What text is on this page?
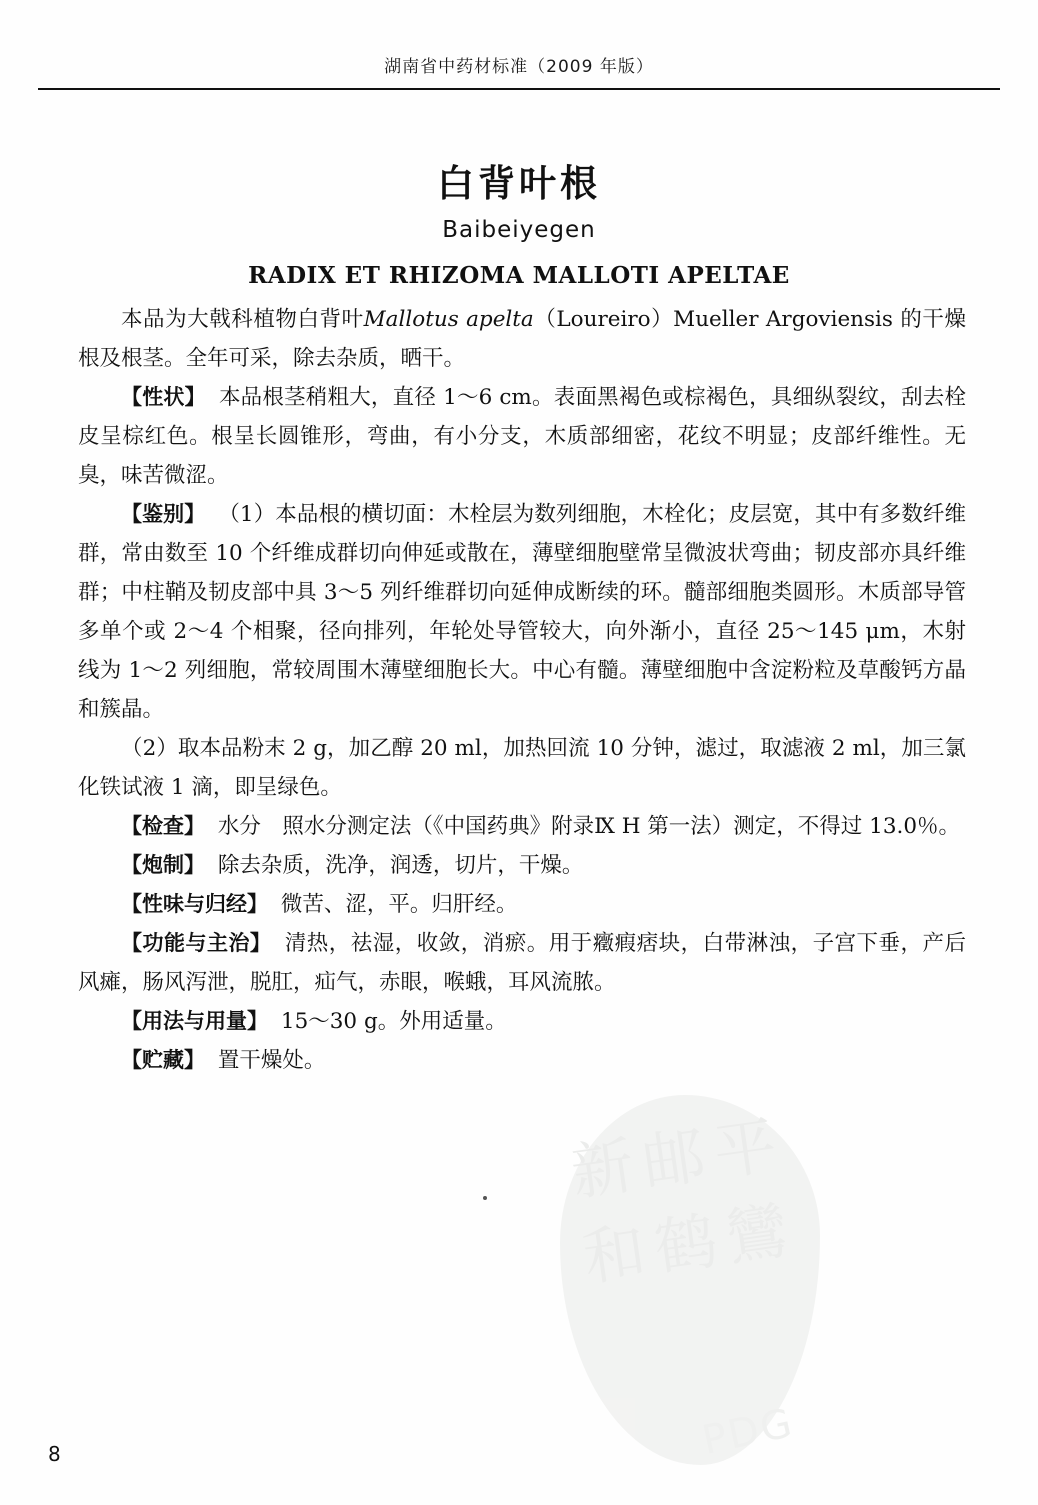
湖南省中药材标准（2009 年版）
白背叶根
Baibeiyegen
RADIX ET RHIZOMA MALLOTI APELTAE

本品为大戟科植物白背叶Mallotus apelta（Loureiro）Mueller Argoviensis 的干燥根及根茎。全年可采，除去杂质，晒干。

【性状】 本品根茎稍粗大，直径 1～6 cm。表面黑褐色或棕褐色，具细纵裂纹，刮去栓皮呈棕红色。根呈长圆锥形，弯曲，有小分支，木质部细密，花纹不明显；皮部纤维性。无臭，味苦微涩。

【鉴别】 （1）本品根的横切面：木栓层为数列细胞，木栓化；皮层宽，其中有多数纤维群，常由数至 10 个纤维成群切向伸延或散在，薄壁细胞壁常呈微波状弯曲；韧皮部亦具纤维群；中柱鞘及韧皮部中具 3～5 列纤维群切向延伸成断续的环。髓部细胞类圆形。木质部导管多单个或 2～4 个相聚，径向排列，年轮处导管较大，向外渐小，直径 25～145 μm，木射线为 1～2 列细胞，常较周围木薄壁细胞长大。中心有髓。薄壁细胞中含淀粉粒及草酸钙方晶和簇晶。

（2）取本品粉末 2 g，加乙醇 20 ml，加热回流 10 分钟，滤过，取滤液 2 ml，加三氯化铁试液 1 滴，即呈绿色。

【检查】 水分　照水分测定法（《中国药典》附录Ⅸ H 第一法）测定，不得过 13.0％。

【炮制】 除去杂质，洗净，润透，切片，干燥。

【性味与归经】 微苦、涩，平。归肝经。

【功能与主治】 清热，祛湿，收敛，消瘀。用于癥瘕痞块，白带淋浊，子宫下垂，产后风瘫，肠风泻泄，脱肛，疝气，赤眼，喉蛾，耳风流脓。

【用法与用量】 15～30 g。外用适量。

【贮藏】 置干燥处。

新邮平和鹤鸞
PDG
8
